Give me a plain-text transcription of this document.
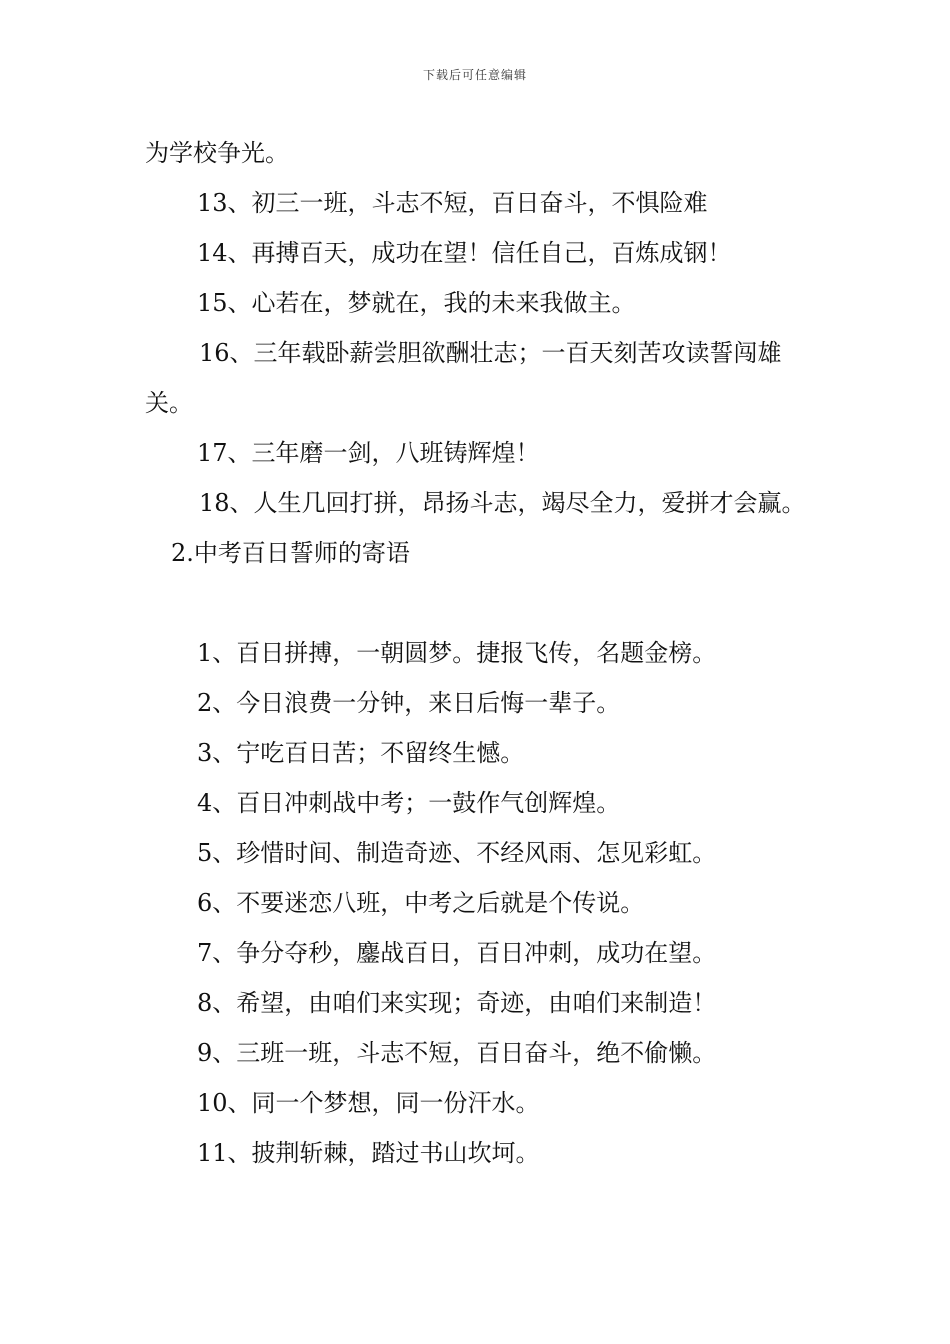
下载后可任意编辑

为学校争光。

13、初三一班，斗志不短，百日奋斗，不惧险难

14、再搏百天，成功在望！信任自己，百炼成钢！

15、心若在，梦就在，我的未来我做主。

16、三年载卧薪尝胆欲酬壮志；一百天刻苦攻读誓闯雄关。

17、三年磨一剑，八班铸辉煌！

18、人生几回打拼，昂扬斗志，竭尽全力，爱拼才会赢。

2.中考百日誓师的寄语

1、百日拼搏，一朝圆梦。捷报飞传，名题金榜。

2、今日浪费一分钟，来日后悔一辈子。

3、宁吃百日苦；不留终生憾。

4、百日冲刺战中考；一鼓作气创辉煌。

5、珍惜时间、制造奇迹、不经风雨、怎见彩虹。

6、不要迷恋八班，中考之后就是个传说。

7、争分夺秒，鏖战百日，百日冲刺，成功在望。

8、希望，由咱们来实现；奇迹，由咱们来制造！

9、三班一班，斗志不短，百日奋斗，绝不偷懒。

10、同一个梦想，同一份汗水。

11、披荆斩棘，踏过书山坎坷。
